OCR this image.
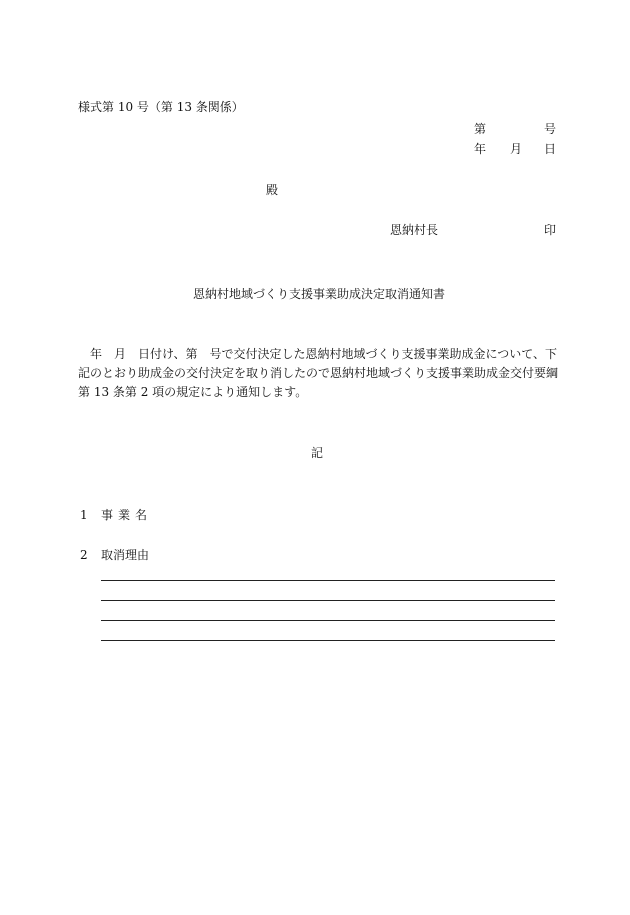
様式第 10 号（第 13 条関係）
第	号
年 月 日
殿
恩納村長	印
恩納村地域づくり支援事業助成決定取消通知書
　年　月　日付け、第　号で交付決定した恩納村地域づくり支援事業助成金について、下
記のとおり助成金の交付決定を取り消したので恩納村地域づくり支援事業助成金交付要綱
第 13 条第 2 項の規定により通知します。
記
1 事業名
2 取消理由
